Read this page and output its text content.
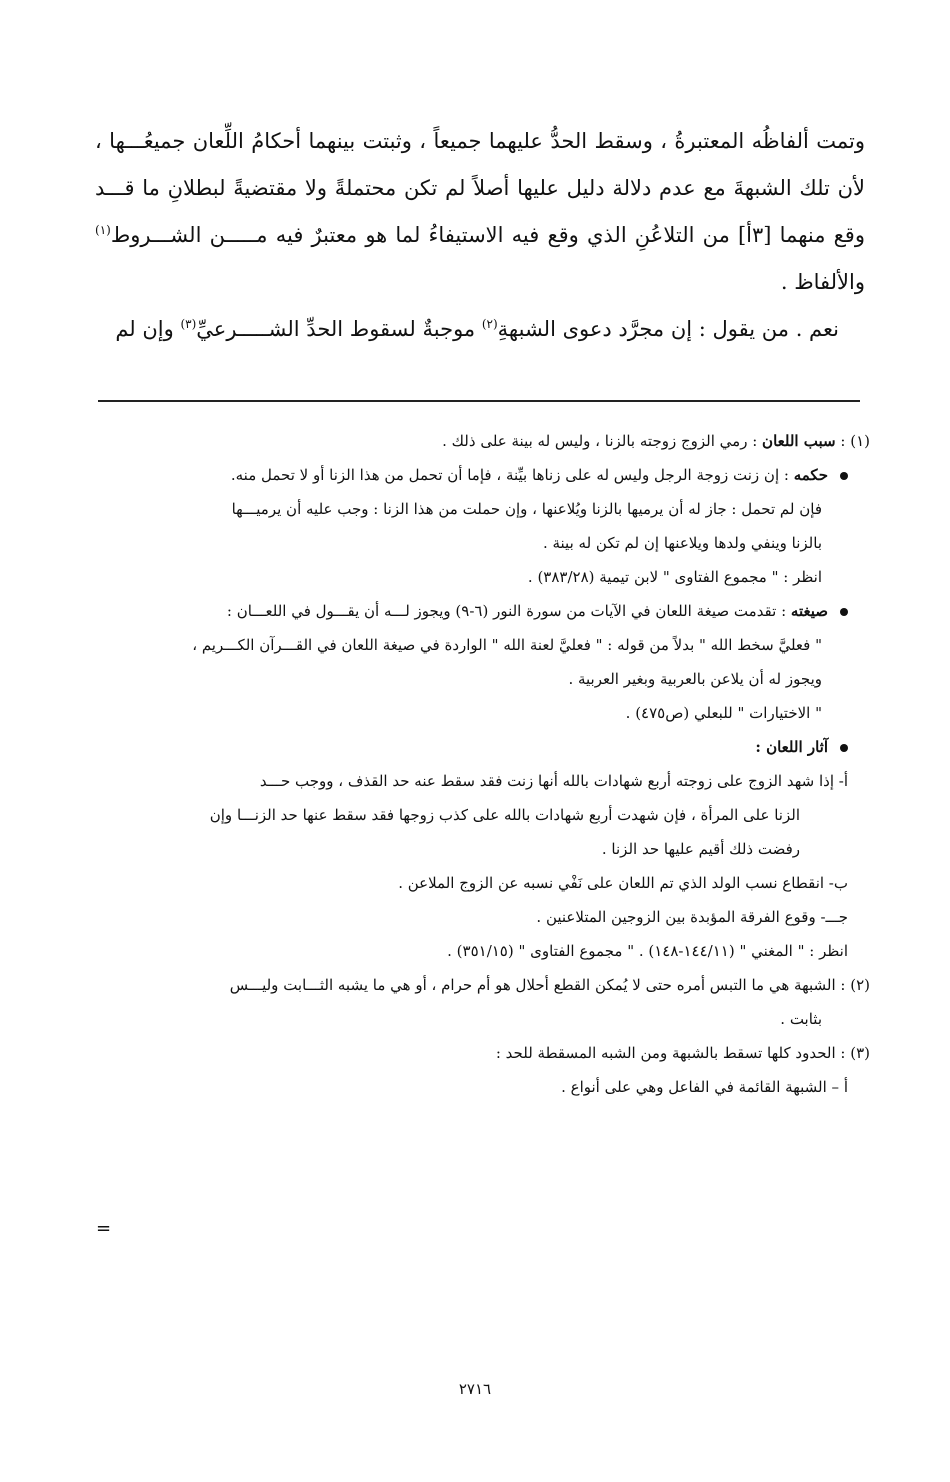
وتمت ألفاظُه المعتبرةُ ، وسقط الحدُّ عليهما جميعاً ، وثبتت بينهما أحكامُ اللِّعان جميعُـــها ، لأن تلك الشبهةَ مع عدم دلالة دليل عليها أصلاً لم تكن محتملةً ولا مقتضيةً لبطلانِ ما قـــد وقع منهما [٣أ] من التلاعُنِ الذي وقع فيه الاستيفاءُ لما هو معتبرٌ فيه مـــــن الشـــروط$^{(١)}$ والألفاظ .

نعم . من يقول : إن مجرَّد دعوى الشبهةِ$^{(٢)}$ موجبةٌ لسقوط الحدِّ الشـــــرعيِّ$^{(٣)}$ وإن لم

(١) : سبب اللعان : رمي الزوج زوجته بالزنا ، وليس له بينة على ذلك .
حكمه : إن زنت زوجة الرجل وليس له على زناها بيِّنة ، فإما أن تحمل من هذا الزنا أو لا تحمل منه.
فإن لم تحمل : جاز له أن يرميها بالزنا ويُلاعنها ، وإن حملت من هذا الزنا : وجب عليه أن يرميـــها
بالزنا وينفي ولدها ويلاعنها إن لم تكن له بينة .
انظر : " مجموع الفتاوى " لابن تيمية (٣٨٣/٢٨) .
صيغته : تقدمت صيغة اللعان في الآيات من سورة النور (٦-٩) ويجوز لـــه أن يقـــول في اللعـــان :
" فعليَّ سخط الله " بدلاً من قوله : " فعليَّ لعنة الله " الواردة في صيغة اللعان في القـــرآن الكـــريم ،
ويجوز له أن يلاعن بالعربية وبغير العربية .
" الاختيارات " للبعلي (ص٤٧٥) .
آثار اللعان :
أ- إذا شهد الزوج على زوجته أربع شهادات بالله أنها زنت فقد سقط عنه حد القذف ، ووجب حـــد
الزنا على المرأة ، فإن شهدت أربع شهادات بالله على كذب زوجها فقد سقط عنها حد الزنـــا وإن
رفضت ذلك أقيم عليها حد الزنا .
ب- انقطاع نسب الولد الذي تم اللعان على نَفْي نسبه عن الزوج الملاعن .
جـــ- وقوع الفرقة المؤبدة بين الزوجين المتلاعنين .
انظر : " المغني " (١٤٤/١١-١٤٨) . " مجموع الفتاوى " (٣٥١/١٥) .
(٢) : الشبهة هي ما التبس أمره حتى لا يُمكن القطع أحلال هو أم حرام ، أو هي ما يشبه الثـــابت وليـــس
بثابت .
(٣) : الحدود كلها تسقط بالشبهة ومن الشبه المسقطة للحد :
أ – الشبهة القائمة في الفاعل وهي على أنواع .
=
٢٧١٦
